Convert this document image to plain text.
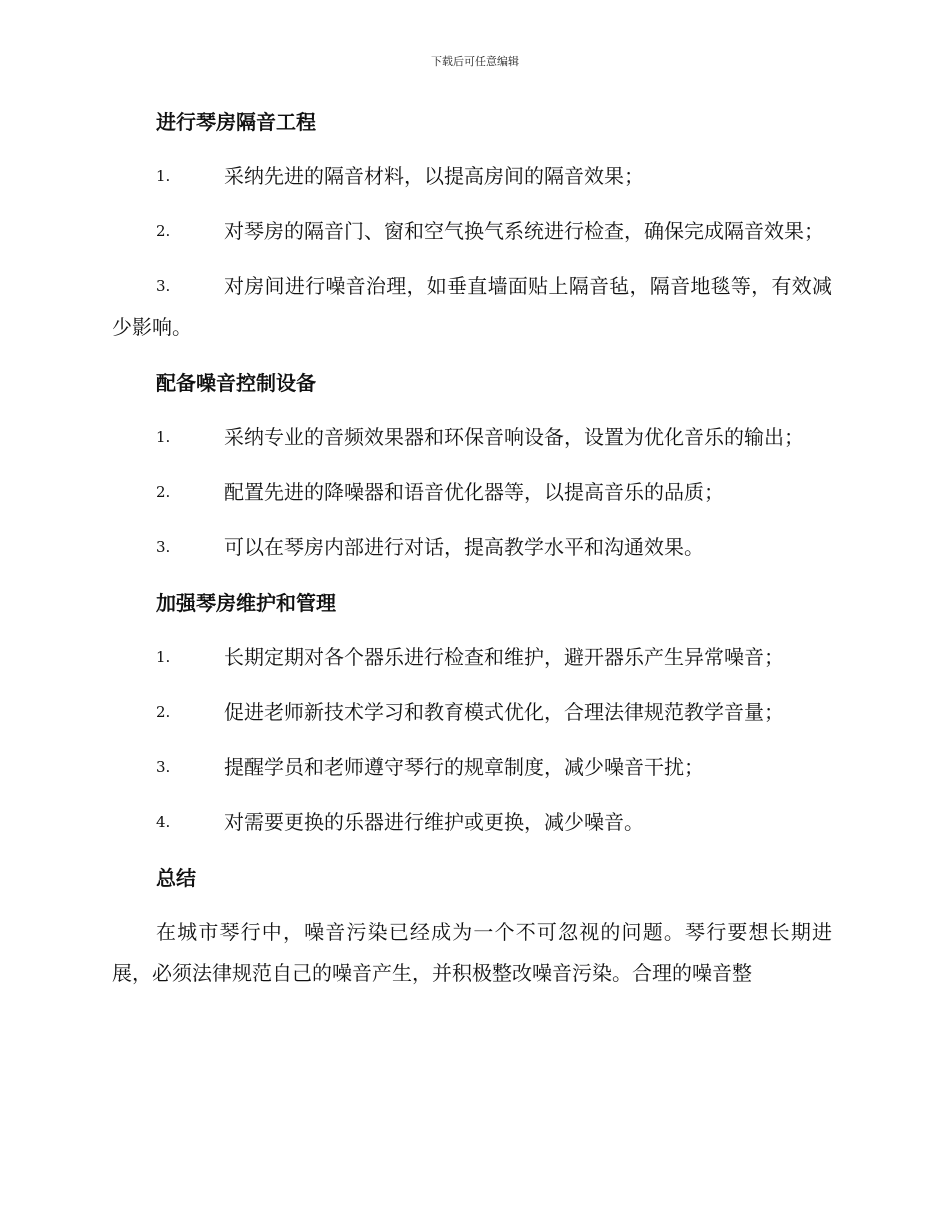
下载后可任意编辑
进行琴房隔音工程
1.	采纳先进的隔音材料，以提高房间的隔音效果；
2.	对琴房的隔音门、窗和空气换气系统进行检查，确保完成隔音效果；
3.	对房间进行噪音治理，如垂直墙面贴上隔音毡，隔音地毯等，有效减少影响。
配备噪音控制设备
1.	采纳专业的音频效果器和环保音响设备，设置为优化音乐的输出；
2.	配置先进的降噪器和语音优化器等，以提高音乐的品质；
3.	可以在琴房内部进行对话，提高教学水平和沟通效果。
加强琴房维护和管理
1.	长期定期对各个器乐进行检查和维护，避开器乐产生异常噪音；
2.	促进老师新技术学习和教育模式优化，合理法律规范教学音量；
3.	提醒学员和老师遵守琴行的规章制度，减少噪音干扰；
4.	对需要更换的乐器进行维护或更换，减少噪音。
总结
在城市琴行中，噪音污染已经成为一个不可忽视的问题。琴行要想长期进展，必须法律规范自己的噪音产生，并积极整改噪音污染。合理的噪音整
